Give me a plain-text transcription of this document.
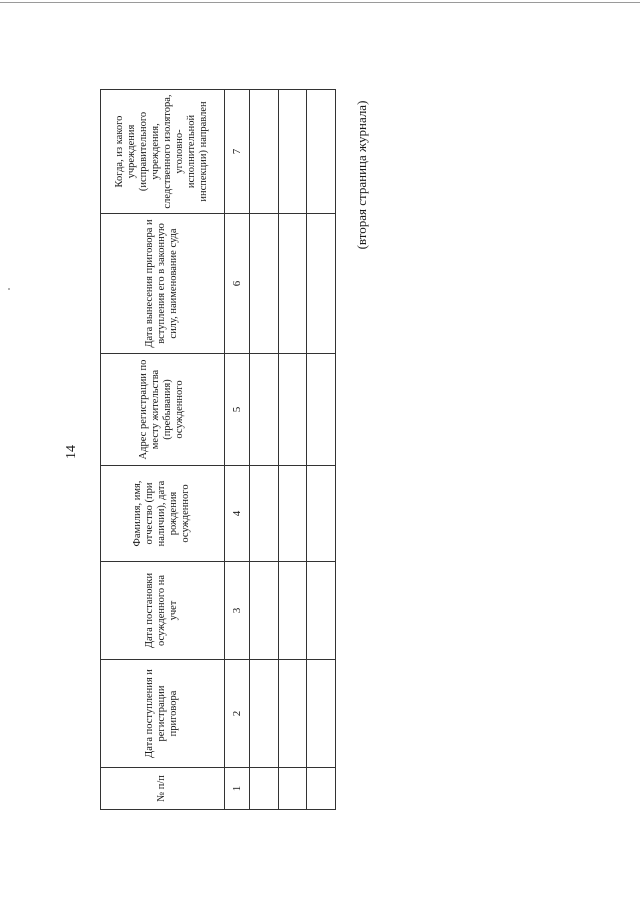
14
№ п/п	Дата поступления и регистрации приговора	Дата постановки осужденного на учет	Фамилия, имя, отчество (при наличии), дата рождения осужденного	Адрес регистрации по месту жительства (пребывания) осужденного	Дата вынесения приговора и вступления его в законную силу, наименование суда	Когда, из какого учреждения (исправительного учреждения, следственного изолятора, уголовно-исполнительной инспекции) направлен
1	2	3	4	5	6	7

							(вторая страница журнала)
